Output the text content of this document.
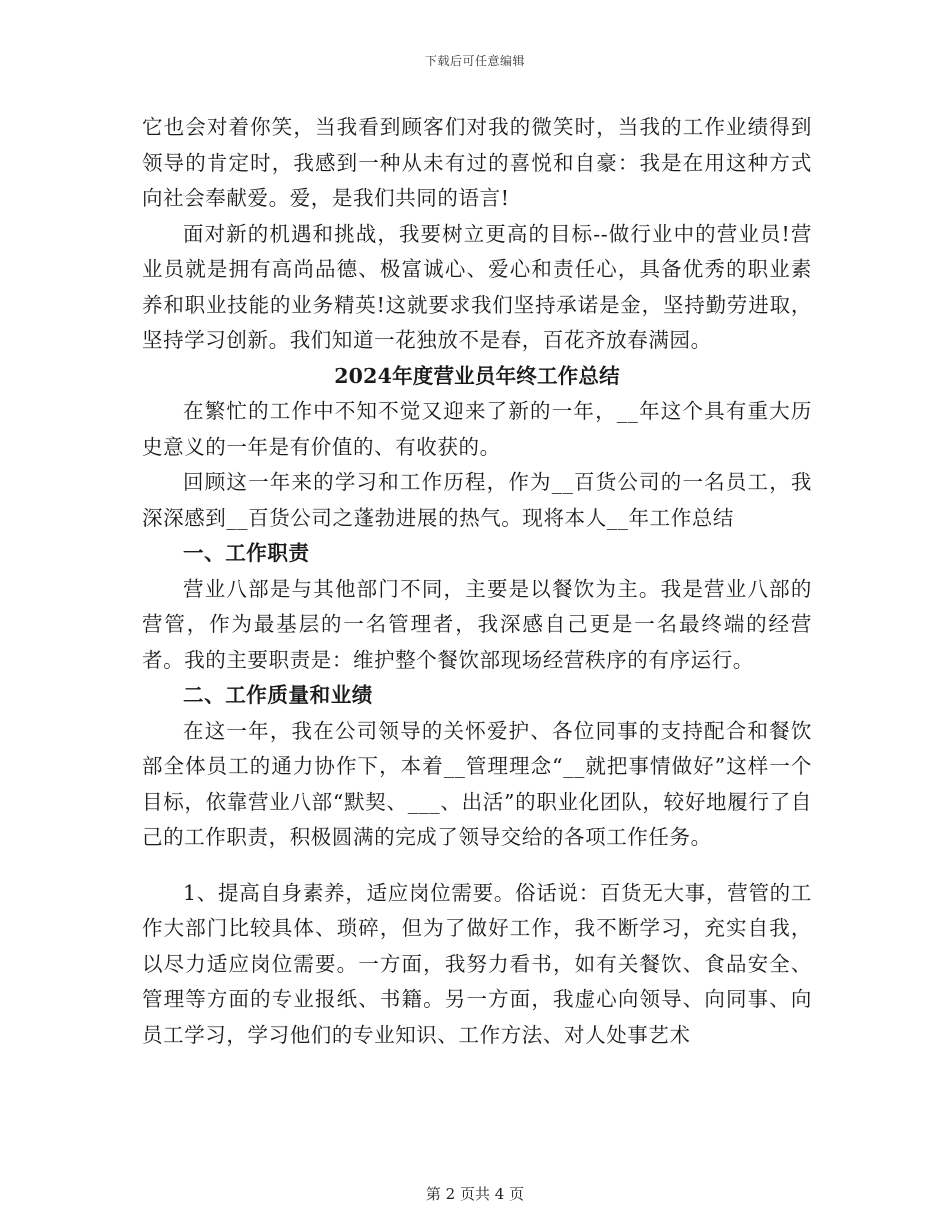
下载后可任意编辑

它也会对着你笑，当我看到顾客们对我的微笑时，当我的工作业绩得到领导的肯定时，我感到一种从未有过的喜悦和自豪：我是在用这种方式向社会奉献爱。爱，是我们共同的语言!

面对新的机遇和挑战，我要树立更高的目标--做行业中的营业员!营业员就是拥有高尚品德、极富诚心、爱心和责任心，具备优秀的职业素养和职业技能的业务精英!这就要求我们坚持承诺是金，坚持勤劳进取，坚持学习创新。我们知道一花独放不是春，百花齐放春满园。

2024年度营业员年终工作总结

在繁忙的工作中不知不觉又迎来了新的一年，__年这个具有重大历史意义的一年是有价值的、有收获的。

回顾这一年来的学习和工作历程，作为__百货公司的一名员工，我深深感到__百货公司之蓬勃进展的热气。现将本人__年工作总结

一、工作职责

营业八部是与其他部门不同，主要是以餐饮为主。我是营业八部的营管，作为最基层的一名管理者，我深感自己更是一名最终端的经营者。我的主要职责是：维护整个餐饮部现场经营秩序的有序运行。

二、工作质量和业绩

在这一年，我在公司领导的关怀爱护、各位同事的支持配合和餐饮部全体员工的通力协作下，本着__管理理念“__就把事情做好”这样一个目标，依靠营业八部“默契、___、出活”的职业化团队，较好地履行了自己的工作职责，积极圆满的完成了领导交给的各项工作任务。

1、提高自身素养，适应岗位需要。俗话说：百货无大事，营管的工作大部门比较具体、琐碎，但为了做好工作，我不断学习，充实自我，以尽力适应岗位需要。一方面，我努力看书，如有关餐饮、食品安全、管理等方面的专业报纸、书籍。另一方面，我虚心向领导、向同事、向员工学习，学习他们的专业知识、工作方法、对人处事艺术

第 2 页共 4 页
